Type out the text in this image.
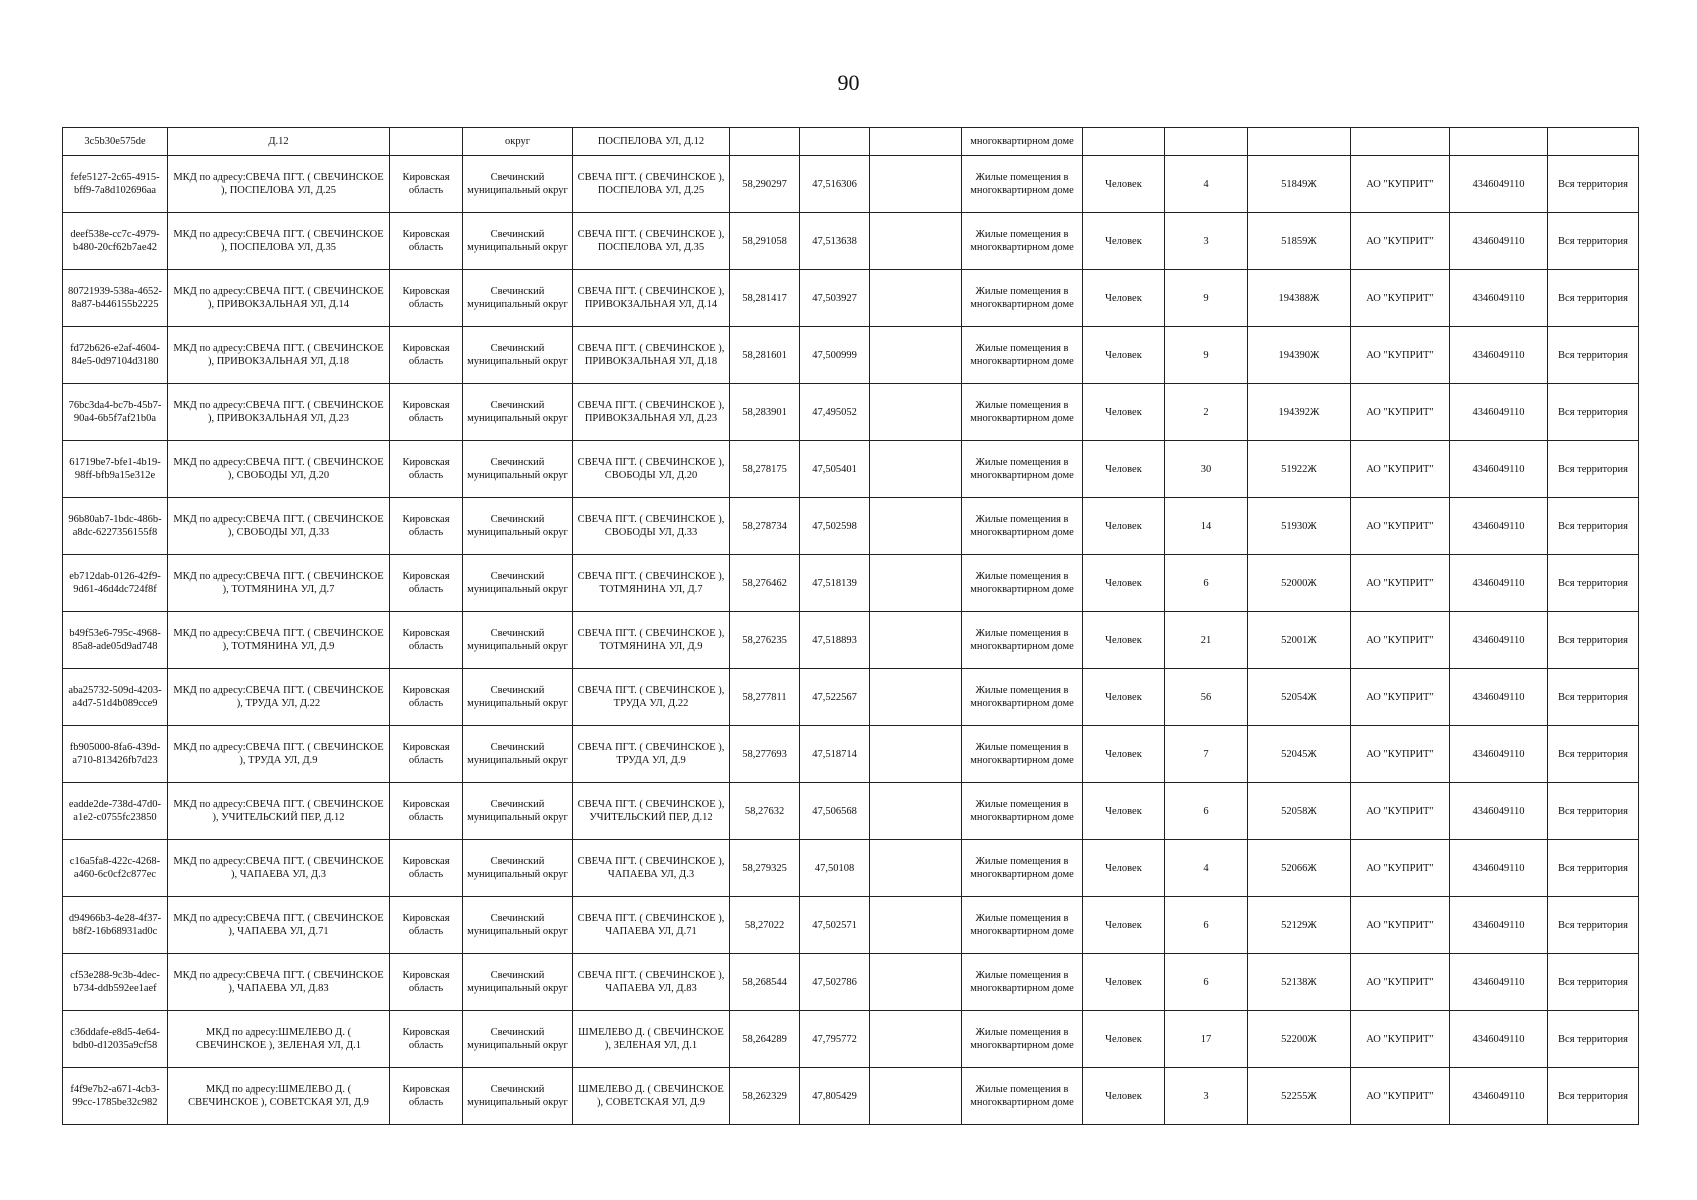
90
3c5b30e575de	Д.12		округ	ПОСПЕЛОВА УЛ, Д.12				многоквартирном доме						
fefe5127-2c65-4915-bff9-7a8d102696aa	МКД по адресу:СВЕЧА ПГТ. ( СВЕЧИНСКОЕ ), ПОСПЕЛОВА УЛ, Д.25	Кировская область	Свечинский муниципальный округ	СВЕЧА ПГТ. ( СВЕЧИНСКОЕ ), ПОСПЕЛОВА УЛ, Д.25	58,290297	47,516306		Жилые помещения в многоквартирном доме	Человек	4	51849Ж	АО "КУПРИТ"	4346049110	Вся территория
deef538e-cc7c-4979-b480-20cf62b7ae42	МКД по адресу:СВЕЧА ПГТ. ( СВЕЧИНСКОЕ ), ПОСПЕЛОВА УЛ, Д.35	Кировская область	Свечинский муниципальный округ	СВЕЧА ПГТ. ( СВЕЧИНСКОЕ ), ПОСПЕЛОВА УЛ, Д.35	58,291058	47,513638		Жилые помещения в многоквартирном доме	Человек	3	51859Ж	АО "КУПРИТ"	4346049110	Вся территория
80721939-538a-4652-8a87-b446155b2225	МКД по адресу:СВЕЧА ПГТ. ( СВЕЧИНСКОЕ ), ПРИВОКЗАЛЬНАЯ УЛ, Д.14	Кировская область	Свечинский муниципальный округ	СВЕЧА ПГТ. ( СВЕЧИНСКОЕ ), ПРИВОКЗАЛЬНАЯ УЛ, Д.14	58,281417	47,503927		Жилые помещения в многоквартирном доме	Человек	9	194388Ж	АО "КУПРИТ"	4346049110	Вся территория
fd72b626-e2af-4604-84e5-0d97104d3180	МКД по адресу:СВЕЧА ПГТ. ( СВЕЧИНСКОЕ ), ПРИВОКЗАЛЬНАЯ УЛ, Д.18	Кировская область	Свечинский муниципальный округ	СВЕЧА ПГТ. ( СВЕЧИНСКОЕ ), ПРИВОКЗАЛЬНАЯ УЛ, Д.18	58,281601	47,500999		Жилые помещения в многоквартирном доме	Человек	9	194390Ж	АО "КУПРИТ"	4346049110	Вся территория
76bc3da4-bc7b-45b7-90a4-6b5f7af21b0a	МКД по адресу:СВЕЧА ПГТ. ( СВЕЧИНСКОЕ ), ПРИВОКЗАЛЬНАЯ УЛ, Д.23	Кировская область	Свечинский муниципальный округ	СВЕЧА ПГТ. ( СВЕЧИНСКОЕ ), ПРИВОКЗАЛЬНАЯ УЛ, Д.23	58,283901	47,495052		Жилые помещения в многоквартирном доме	Человек	2	194392Ж	АО "КУПРИТ"	4346049110	Вся территория
61719be7-bfe1-4b19-98ff-bfb9a15e312e	МКД по адресу:СВЕЧА ПГТ. ( СВЕЧИНСКОЕ ), СВОБОДЫ УЛ, Д.20	Кировская область	Свечинский муниципальный округ	СВЕЧА ПГТ. ( СВЕЧИНСКОЕ ), СВОБОДЫ УЛ, Д.20	58,278175	47,505401		Жилые помещения в многоквартирном доме	Человек	30	51922Ж	АО "КУПРИТ"	4346049110	Вся территория
96b80ab7-1bdc-486b-a8dc-6227356155f8	МКД по адресу:СВЕЧА ПГТ. ( СВЕЧИНСКОЕ ), СВОБОДЫ УЛ, Д.33	Кировская область	Свечинский муниципальный округ	СВЕЧА ПГТ. ( СВЕЧИНСКОЕ ), СВОБОДЫ УЛ, Д.33	58,278734	47,502598		Жилые помещения в многоквартирном доме	Человек	14	51930Ж	АО "КУПРИТ"	4346049110	Вся территория
eb712dab-0126-42f9-9d61-46d4dc724f8f	МКД по адресу:СВЕЧА ПГТ. ( СВЕЧИНСКОЕ ), ТОТМЯНИНА УЛ, Д.7	Кировская область	Свечинский муниципальный округ	СВЕЧА ПГТ. ( СВЕЧИНСКОЕ ), ТОТМЯНИНА УЛ, Д.7	58,276462	47,518139		Жилые помещения в многоквартирном доме	Человек	6	52000Ж	АО "КУПРИТ"	4346049110	Вся территория
b49f53e6-795c-4968-85a8-ade05d9ad748	МКД по адресу:СВЕЧА ПГТ. ( СВЕЧИНСКОЕ ), ТОТМЯНИНА УЛ, Д.9	Кировская область	Свечинский муниципальный округ	СВЕЧА ПГТ. ( СВЕЧИНСКОЕ ), ТОТМЯНИНА УЛ, Д.9	58,276235	47,518893		Жилые помещения в многоквартирном доме	Человек	21	52001Ж	АО "КУПРИТ"	4346049110	Вся территория
aba25732-509d-4203-a4d7-51d4b089cce9	МКД по адресу:СВЕЧА ПГТ. ( СВЕЧИНСКОЕ ), ТРУДА УЛ, Д.22	Кировская область	Свечинский муниципальный округ	СВЕЧА ПГТ. ( СВЕЧИНСКОЕ ), ТРУДА УЛ, Д.22	58,277811	47,522567		Жилые помещения в многоквартирном доме	Человек	56	52054Ж	АО "КУПРИТ"	4346049110	Вся территория
fb905000-8fa6-439d-a710-813426fb7d23	МКД по адресу:СВЕЧА ПГТ. ( СВЕЧИНСКОЕ ), ТРУДА УЛ, Д.9	Кировская область	Свечинский муниципальный округ	СВЕЧА ПГТ. ( СВЕЧИНСКОЕ ), ТРУДА УЛ, Д.9	58,277693	47,518714		Жилые помещения в многоквартирном доме	Человек	7	52045Ж	АО "КУПРИТ"	4346049110	Вся территория
eadde2de-738d-47d0-a1e2-c0755fc23850	МКД по адресу:СВЕЧА ПГТ. ( СВЕЧИНСКОЕ ), УЧИТЕЛЬСКИЙ ПЕР, Д.12	Кировская область	Свечинский муниципальный округ	СВЕЧА ПГТ. ( СВЕЧИНСКОЕ ), УЧИТЕЛЬСКИЙ ПЕР, Д.12	58,27632	47,506568		Жилые помещения в многоквартирном доме	Человек	6	52058Ж	АО "КУПРИТ"	4346049110	Вся территория
c16a5fa8-422c-4268-a460-6c0cf2c877ec	МКД по адресу:СВЕЧА ПГТ. ( СВЕЧИНСКОЕ ), ЧАПАЕВА УЛ, Д.3	Кировская область	Свечинский муниципальный округ	СВЕЧА ПГТ. ( СВЕЧИНСКОЕ ), ЧАПАЕВА УЛ, Д.3	58,279325	47,50108		Жилые помещения в многоквартирном доме	Человек	4	52066Ж	АО "КУПРИТ"	4346049110	Вся территория
d94966b3-4e28-4f37-b8f2-16b68931ad0c	МКД по адресу:СВЕЧА ПГТ. ( СВЕЧИНСКОЕ ), ЧАПАЕВА УЛ, Д.71	Кировская область	Свечинский муниципальный округ	СВЕЧА ПГТ. ( СВЕЧИНСКОЕ ), ЧАПАЕВА УЛ, Д.71	58,27022	47,502571		Жилые помещения в многоквартирном доме	Человек	6	52129Ж	АО "КУПРИТ"	4346049110	Вся территория
cf53e288-9c3b-4dec-b734-ddb592ee1aef	МКД по адресу:СВЕЧА ПГТ. ( СВЕЧИНСКОЕ ), ЧАПАЕВА УЛ, Д.83	Кировская область	Свечинский муниципальный округ	СВЕЧА ПГТ. ( СВЕЧИНСКОЕ ), ЧАПАЕВА УЛ, Д.83	58,268544	47,502786		Жилые помещения в многоквартирном доме	Человек	6	52138Ж	АО "КУПРИТ"	4346049110	Вся территория
c36ddafe-e8d5-4e64-bdb0-d12035a9cf58	МКД по адресу:ШМЕЛЕВО Д. ( СВЕЧИНСКОЕ ), ЗЕЛЕНАЯ УЛ, Д.1	Кировская область	Свечинский муниципальный округ	ШМЕЛЕВО Д. ( СВЕЧИНСКОЕ ), ЗЕЛЕНАЯ УЛ, Д.1	58,264289	47,795772		Жилые помещения в многоквартирном доме	Человек	17	52200Ж	АО "КУПРИТ"	4346049110	Вся территория
f4f9e7b2-a671-4cb3-99cc-1785be32c982	МКД по адресу:ШМЕЛЕВО Д. ( СВЕЧИНСКОЕ ), СОВЕТСКАЯ УЛ, Д.9	Кировская область	Свечинский муниципальный округ	ШМЕЛЕВО Д. ( СВЕЧИНСКОЕ ), СОВЕТСКАЯ УЛ, Д.9	58,262329	47,805429		Жилые помещения в многоквартирном доме	Человек	3	52255Ж	АО "КУПРИТ"	4346049110	Вся территория
